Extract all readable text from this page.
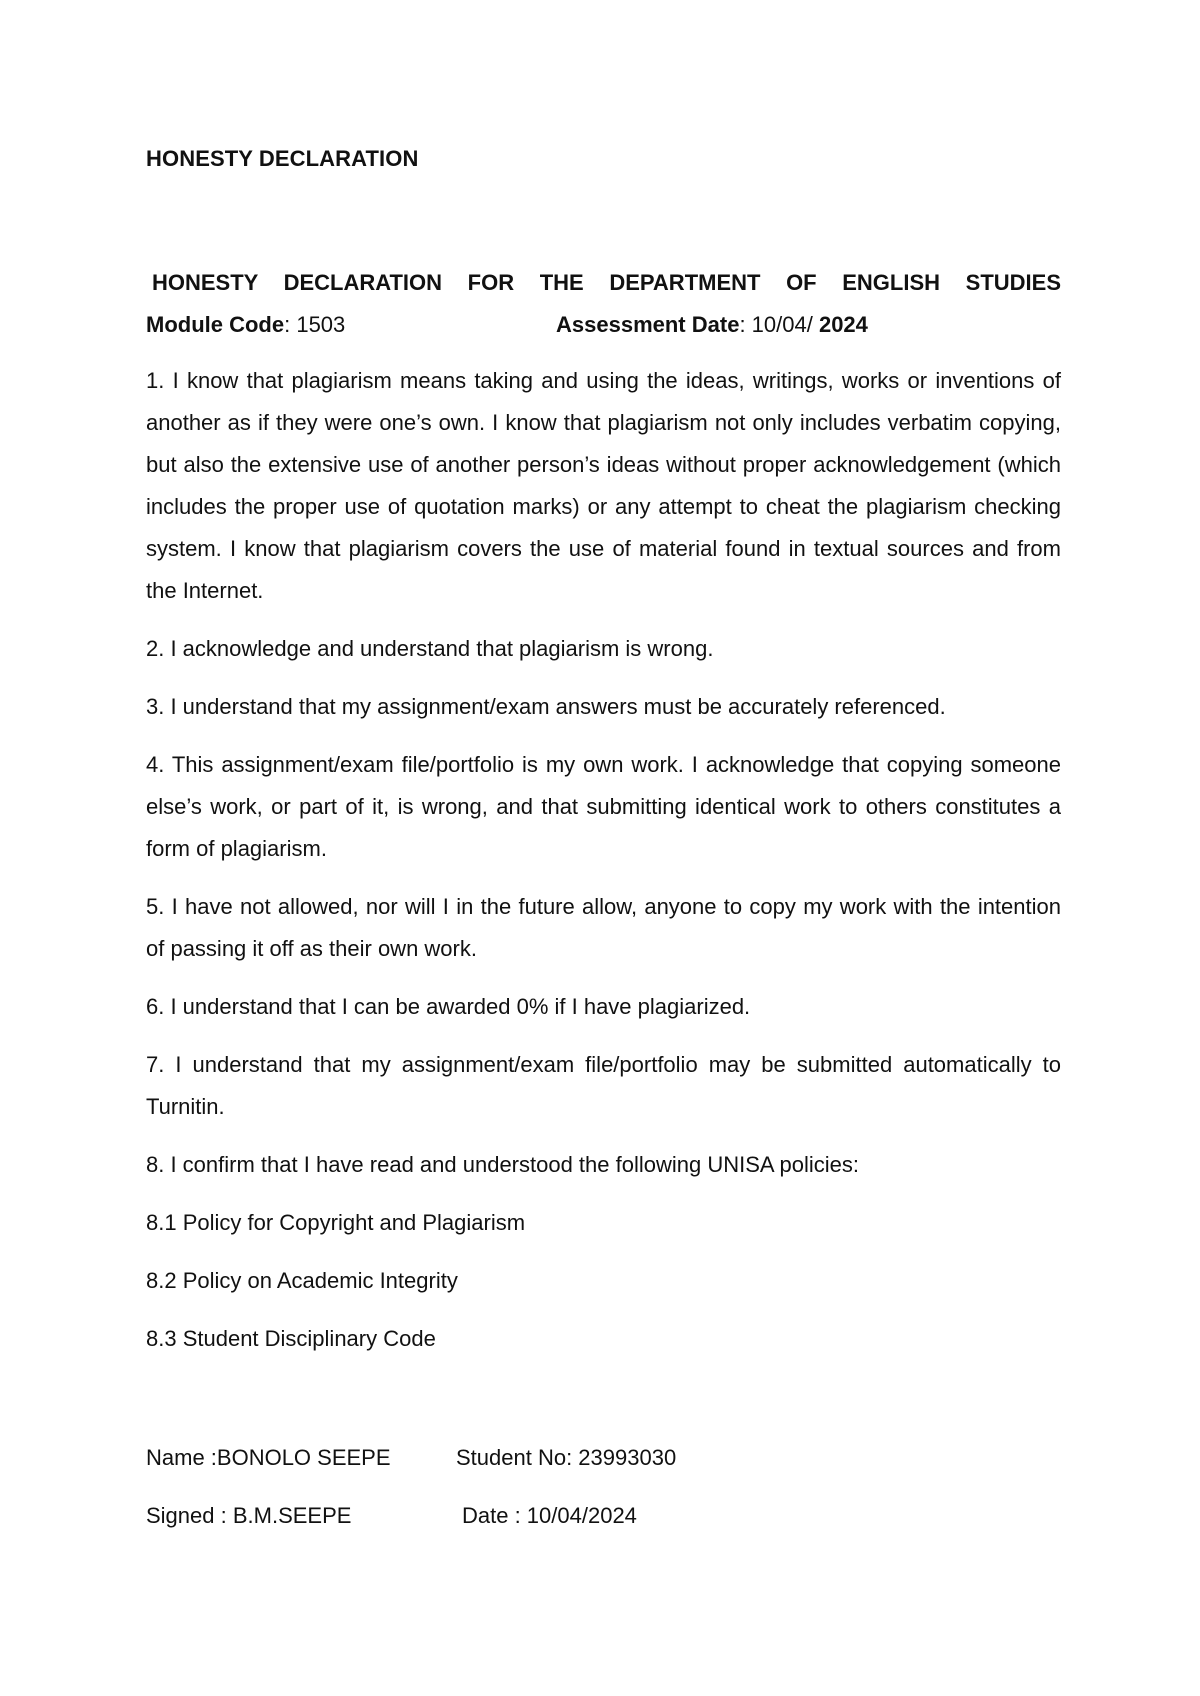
HONESTY DECLARATION

HONESTY DECLARATION FOR THE DEPARTMENT OF ENGLISH STUDIES

Module Code: 1503	Assessment Date: 10/04/ 2024

1. I know that plagiarism means taking and using the ideas, writings, works or inventions of another as if they were one’s own. I know that plagiarism not only includes verbatim copying, but also the extensive use of another person’s ideas without proper acknowledgement (which includes the proper use of quotation marks) or any attempt to cheat the plagiarism checking system. I know that plagiarism covers the use of material found in textual sources and from the Internet.

2. I acknowledge and understand that plagiarism is wrong.

3. I understand that my assignment/exam answers must be accurately referenced.

4. This assignment/exam file/portfolio is my own work. I acknowledge that copying someone else’s work, or part of it, is wrong, and that submitting identical work to others constitutes a form of plagiarism.

5. I have not allowed, nor will I in the future allow, anyone to copy my work with the intention of passing it off as their own work.

6. I understand that I can be awarded 0% if I have plagiarized.

7. I understand that my assignment/exam file/portfolio may be submitted automatically to Turnitin.

8. I confirm that I have read and understood the following UNISA policies:

8.1 Policy for Copyright and Plagiarism

8.2 Policy on Academic Integrity

8.3 Student Disciplinary Code

Name :BONOLO SEEPE	Student No: 23993030
Signed : B.M.SEEPE	Date : 10/04/2024
